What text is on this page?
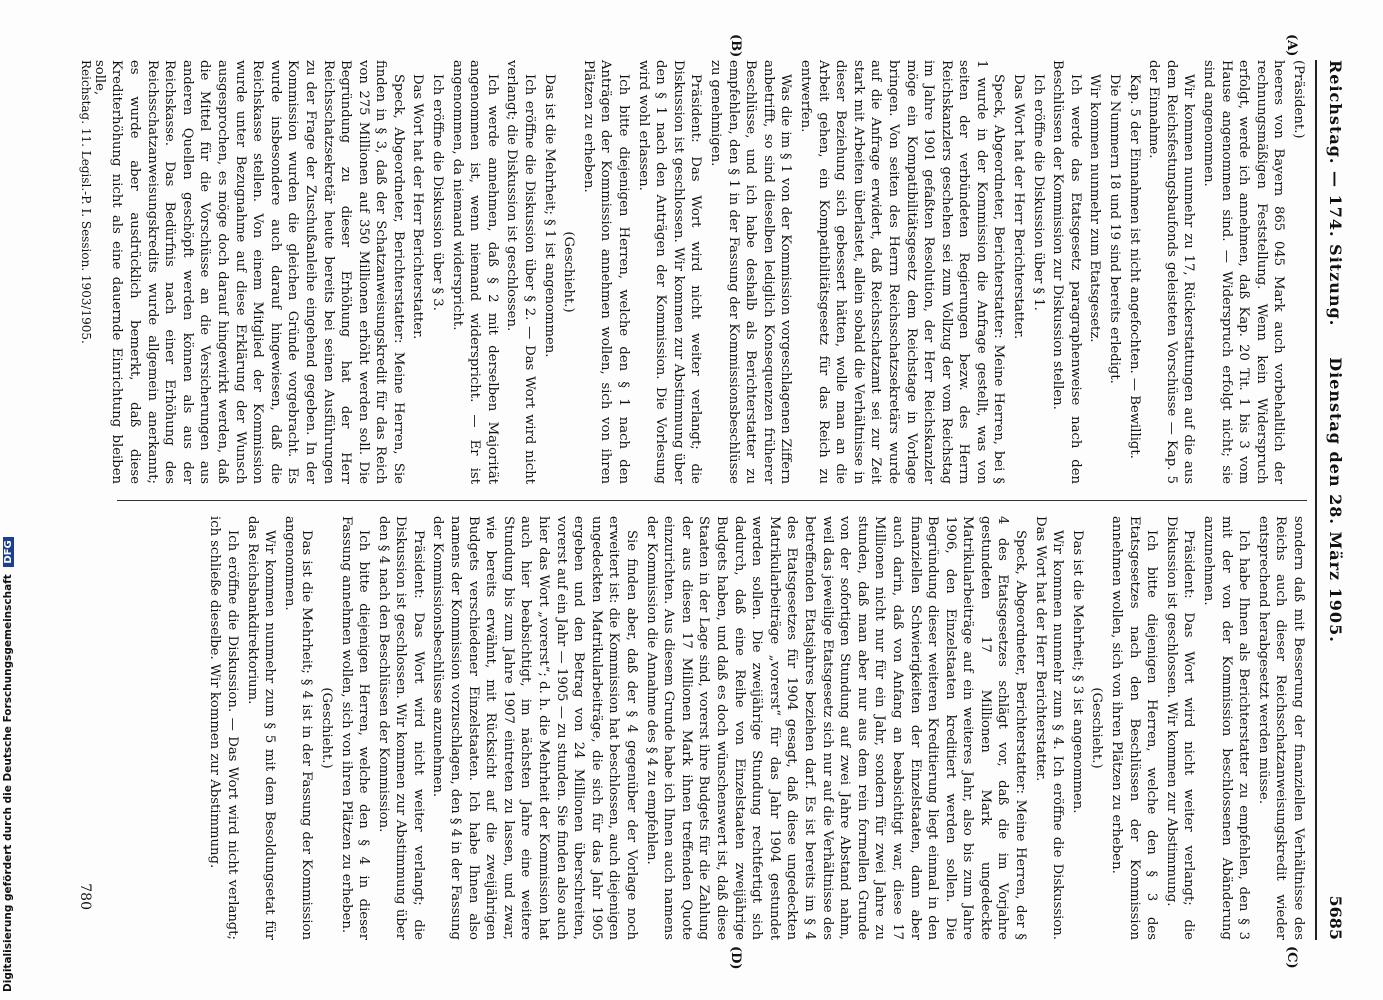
Reichstag. — 174. Sitzung.
Dienstag den 28. März 1905.
5685
(A)
(B)
(C)
(D)

(Präsident.)

heeres von Bayern 865 045 Mark auch vorbehaltlich der rechnungsmäßigen Feststellung. Wenn kein Widerspruch erfolgt, werde ich annehmen, daß Kap. 20 Tit. 1 bis 3 vom Hause angenommen sind. — Widerspruch erfolgt nicht; sie sind angenommen.

Wir kommen nunmehr zu 17, Rückerstattungen auf die aus dem Reichsfestungsbaufonds geleisteten Vorschüsse — Kap. 5 der Einnahme.

Kap. 5 der Einnahmen ist nicht angefochten. — Bewilligt.

Die Nummern 18 und 19 sind bereits erledigt.

Wir kommen nunmehr zum Etatsgesetz.

Ich werde das Etatsgesetz paragraphenweise nach den Beschlüssen der Kommission zur Diskussion stellen.

Ich eröffne die Diskussion über § 1.

Das Wort hat der Herr Berichterstatter.

Speck, Abgeordneter, Berichterstatter: Meine Herren, bei § 1 wurde in der Kommission die Anfrage gestellt, was von seiten der verbündeten Regierungen bezw. des Herrn Reichskanzlers geschehen sei zum Vollzug der vom Reichstag im Jahre 1901 gefaßten Resolution, der Herr Reichskanzler möge ein Kompatibilitätsgesetz dem Reichstage in Vorlage bringen. Von seiten des Herrn Reichsschatzsekretärs wurde auf die Anfrage erwidert, daß Reichsschatzamt sei zur Zeit stark mit Arbeiten überlastet, allein sobald die Verhältnisse in dieser Beziehung sich gebessert hätten, wolle man an die Arbeit gehen, ein Kompatibilitätsgesetz für das Reich zu entwerfen.

Was die im § 1 von der Kommission vorgeschlagenen Ziffern anbetrifft, so sind dieselben lediglich Konsequenzen früherer Beschlüsse, und ich habe deshalb als Berichterstatter zu empfehlen, den § 1 in der Fassung der Kommissionsbeschlüsse zu genehmigen.

Präsident: Das Wort wird nicht weiter verlangt; die Diskussion ist geschlossen. Wir kommen zur Abstimmung über den § 1 nach den Anträgen der Kommission. Die Vorlesung wird wohl erlassen.

Ich bitte diejenigen Herren, welche den § 1 nach den Anträgen der Kommission annehmen wollen, sich von ihren Plätzen zu erheben.

(Geschieht.)

Das ist die Mehrheit; § 1 ist angenommen.

Ich eröffne die Diskussion über § 2. — Das Wort wird nicht verlangt; die Diskussion ist geschlossen.

Ich werde annehmen, daß § 2 mit derselben Majorität angenommen ist, wenn niemand widerspricht. — Er ist angenommen, da niemand widerspricht.

Ich eröffne die Diskussion über § 3.

Das Wort hat der Herr Berichterstatter.

Speck, Abgeordneter, Berichterstatter: Meine Herren, Sie finden in § 3, daß der Schatzanweisungskredit für das Reich von 275 Millionen auf 350 Millionen erhöht werden soll. Die Begründung zu dieser Erhöhung hat der Herr Reichsschatzsekretär heute bereits bei seinen Ausführungen zu der Frage der Zuschußanleihe eingehend gegeben. In der Kommission wurden die gleichen Gründe vorgebracht. Es wurde insbesondere auch darauf hingewiesen, daß die Reichskasse stellen. Von einem Mitglied der Kommission wurde unter Bezugnahme auf diese Erklärung der Wunsch ausgesprochen, es möge doch darauf hingewirkt werden, daß die Mittel für die Vorschüsse an die Versicherungen aus anderen Quellen geschöpft werden können als aus der Reichskasse. Das Bedürfnis nach einer Erhöhung des Reichsschatzanweisungskredits wurde allgemein anerkannt; es wurde aber ausdrücklich bemerkt, daß diese Krediterhöhung nicht als eine dauernde Einrichtung bleiben solle,

sondern daß mit Besserung der finanziellen Verhältnisse des Reichs auch dieser Reichsschatzanweisungskredit wieder entsprechend herabgesetzt werden müsse.

Ich habe Ihnen als Berichterstatter zu empfehlen, den § 3 mit der von der Kommission beschlossenen Abänderung anzunehmen.

Präsident: Das Wort wird nicht weiter verlangt; die Diskussion ist geschlossen. Wir kommen zur Abstimmung.

Ich bitte diejenigen Herren, welche den § 3 des Etatsgesetzes nach den Beschlüssen der Kommission annehmen wollen, sich von ihren Plätzen zu erheben.

(Geschieht.)

Das ist die Mehrheit; § 3 ist angenommen.

Wir kommen nunmehr zum § 4. Ich eröffne die Diskussion. Das Wort hat der Herr Berichterstatter.

Speck, Abgeordneter, Berichterstatter: Meine Herren, der § 4 des Etatsgesetzes schlägt vor, daß die im Vorjahre gestundeten 17 Millionen Mark ungedeckte Matrikularbeiträge auf ein weiteres Jahr, also bis zum Jahre 1906, den Einzelstaaten kreditiert werden sollen. Die Begründung dieser weiteren Kreditierung liegt einmal in den finanziellen Schwierigkeiten der Einzelstaaten, dann aber auch darin, daß von Anfang an beabsichtigt war, diese 17 Millionen nicht nur für ein Jahr, sondern für zwei Jahre zu stunden, daß man aber nur aus dem rein formellen Grunde von der sofortigen Stundung auf zwei Jahre Abstand nahm, weil das jeweilige Etatsgesetz sich nur auf die Verhältnisse des betreffenden Etatsjahres beziehen darf. Es ist bereits im § 4 des Etatsgesetzes für 1904 gesagt, daß diese ungedeckten Matrikularbeiträge „vorerst“ für das Jahr 1904 gestundet werden sollen. Die zweijährige Stundung rechtfertigt sich dadurch, daß eine Reihe von Einzelstaaten zweijährige Budgets haben, und daß es doch wünschenswert ist, daß diese Staaten in der Lage sind, vorerst ihre Budgets für die Zahlung der aus diesen 17 Millionen Mark ihnen treffenden Quote einzurichten. Aus diesem Grunde habe ich Ihnen auch namens der Kommission die Annahme des § 4 zu empfehlen.

Sie finden aber, daß der § 4 gegenüber der Vorlage noch erweitert ist: die Kommission hat beschlossen, auch diejenigen ungedeckten Matrikularbeiträge, die sich für das Jahr 1905 ergeben und den Betrag von 24 Millionen überschreiten, vorerst auf ein Jahr — 1905 — zu stunden. Sie finden also auch hier das Wort „vorerst“; d. h. die Mehrheit der Kommission hat auch hier beabsichtigt, im nächsten Jahre eine weitere Stundung bis zum Jahre 1907 eintreten zu lassen, und zwar, wie bereits erwähnt, mit Rücksicht auf die zweijährigen Budgets verschiedener Einzelstaaten. Ich habe Ihnen also namens der Kommission vorzuschlagen, den § 4 in der Fassung der Kommissionsbeschlüsse anzunehmen.

Präsident: Das Wort wird nicht weiter verlangt; die Diskussion ist geschlossen. Wir kommen zur Abstimmung über den § 4 nach den Beschlüssen der Kommission.

Ich bitte diejenigen Herren, welche den § 4 in dieser Fassung annehmen wollen, sich von ihren Plätzen zu erheben.

(Geschieht.)

Das ist die Mehrheit; § 4 ist in der Fassung der Kommission angenommen.

Wir kommen nunmehr zum § 5 mit dem Besoldungsetat für das Reichsbankdirektorium.

Ich eröffne die Diskussion. — Das Wort wird nicht verlangt; ich schließe dieselbe. Wir kommen zur Abstimmung.

Reichstag. 11. Legisl.-P. I. Session. 1903/1905.
780
Digitalisierung gefördert durch die Deutsche Forschungsgemeinschaft DFG
